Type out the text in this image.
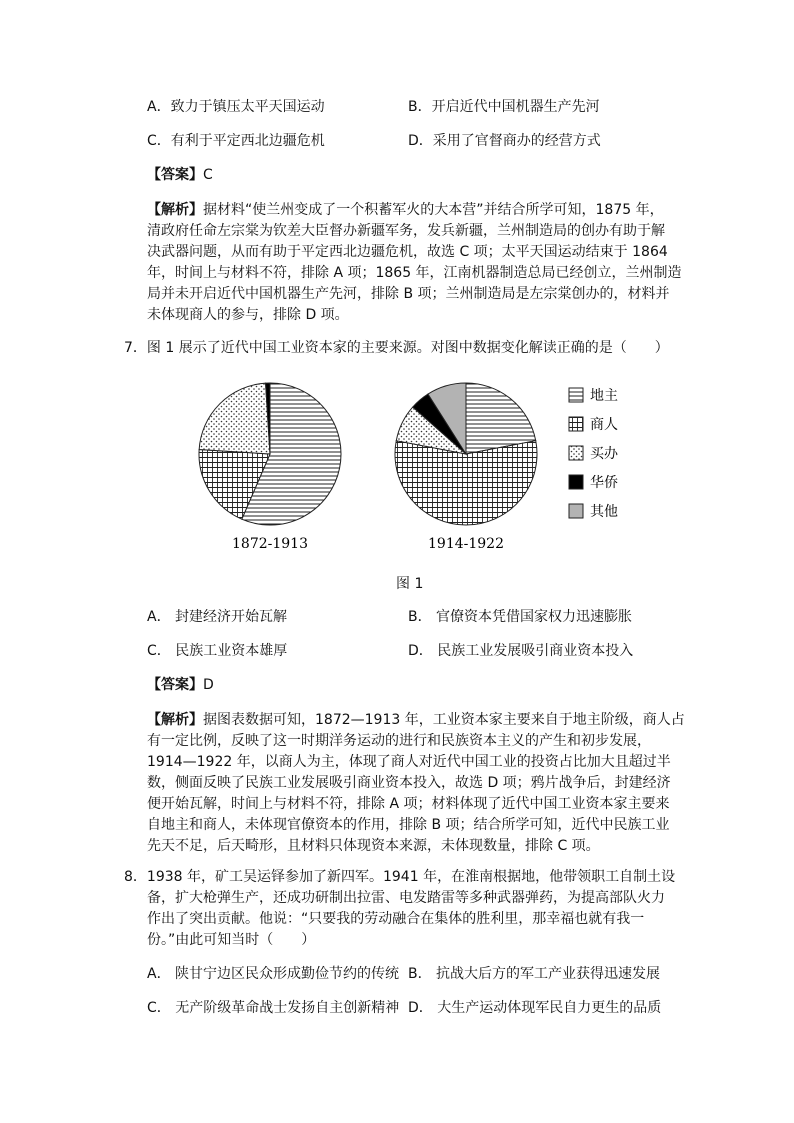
A．致力于镇压太平天国运动	B．开启近代中国机器生产先河
C．有利于平定西北边疆危机	D．采用了官督商办的经营方式
【答案】C
【解析】据材料“使兰州变成了一个积蓄军火的大本营”并结合所学可知，1875 年，
清政府任命左宗棠为钦差大臣督办新疆军务，发兵新疆，兰州制造局的创办有助于解
决武器问题，从而有助于平定西北边疆危机，故选 C 项；太平天国运动结束于 1864
年，时间上与材料不符，排除 A 项；1865 年，江南机器制造总局已经创立，兰州制造
局并未开启近代中国机器生产先河，排除 B 项；兰州制造局是左宗棠创办的，材料并
未体现商人的参与，排除 D 项。
7．图 1 展示了近代中国工业资本家的主要来源。对图中数据变化解读正确的是（　　）
1872-1913	1914-1922
地主
商人
买办
华侨
其他
图 1
A． 封建经济开始瓦解	B． 官僚资本凭借国家权力迅速膨胀
C． 民族工业资本雄厚	D． 民族工业发展吸引商业资本投入
【答案】D
【解析】据图表数据可知，1872—1913 年，工业资本家主要来自于地主阶级，商人占
有一定比例，反映了这一时期洋务运动的进行和民族资本主义的产生和初步发展，
1914—1922 年，以商人为主，体现了商人对近代中国工业的投资占比加大且超过半
数，侧面反映了民族工业发展吸引商业资本投入，故选 D 项；鸦片战争后，封建经济
便开始瓦解，时间上与材料不符，排除 A 项；材料体现了近代中国工业资本家主要来
自地主和商人，未体现官僚资本的作用，排除 B 项；结合所学可知，近代中民族工业
先天不足，后天畸形，且材料只体现资本来源，未体现数量，排除 C 项。
8．1938 年，矿工吴运铎参加了新四军。1941 年，在淮南根据地，他带领职工自制土设
备，扩大枪弹生产，还成功研制出拉雷、电发踏雷等多种武器弹药，为提高部队火力
作出了突出贡献。他说：“只要我的劳动融合在集体的胜利里，那幸福也就有我一
份。”由此可知当时（　　）
A． 陕甘宁边区民众形成勤俭节约的传统 B． 抗战大后方的军工产业获得迅速发展
C． 无产阶级革命战士发扬自主创新精神 D． 大生产运动体现军民自力更生的品质
